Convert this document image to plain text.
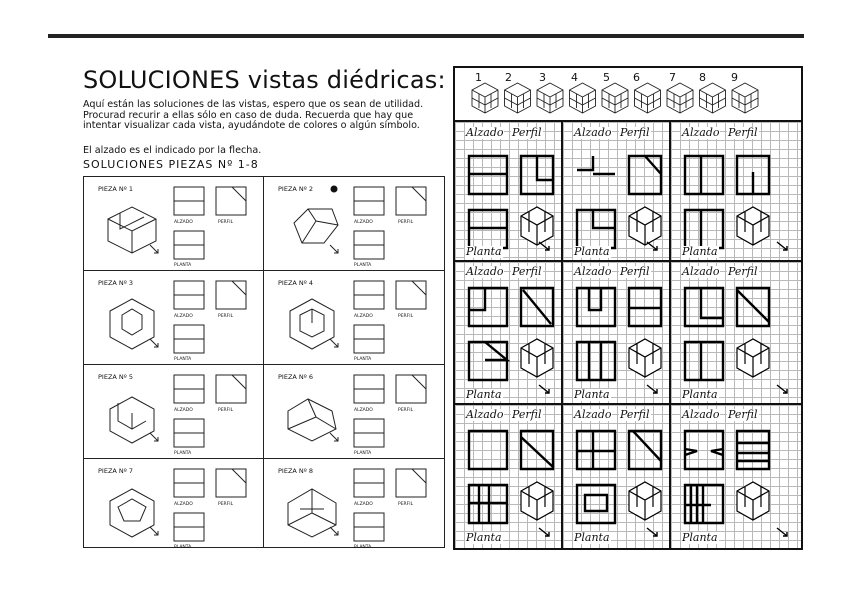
SOLUCIONES vistas diédricas:
Aquí están las soluciones de las vistas, espero que os sean de utilidad.
Procurad recurir a ellas sólo en caso de duda. Recuerda que hay que
intentar visualizar cada vista, ayudándote de colores o algún símbolo.
El alzado es el indicado por la flecha.
SOLUCIONES PIEZAS Nº 1-8
PIEZA Nº 1
ALZADO	PERFIL
PLANTA
PIEZA Nº 2
ALZADO	PERFIL
PLANTA
PIEZA Nº 3
ALZADO	PERFIL
PLANTA
PIEZA Nº 4
ALZADO	PERFIL
PLANTA
PIEZA Nº 5
ALZADO	PERFIL
PLANTA
PIEZA Nº 6
ALZADO	PERFIL
PLANTA
PIEZA Nº 7
ALZADO	PERFIL
PLANTA
PIEZA Nº 8
ALZADO	PERFIL
PLANTA
1 2 3 4 5 6	7 8 9
Alzado Perfil
Planta
Alzado Perfil
Planta
Alzado Perfil
Planta
Alzado Perfil
Planta
Alzado Perfil
Planta
Alzado Perfil
Planta
Alzado Perfil
Planta
Alzado Perfil
Planta
Alzado Perfil
Planta
